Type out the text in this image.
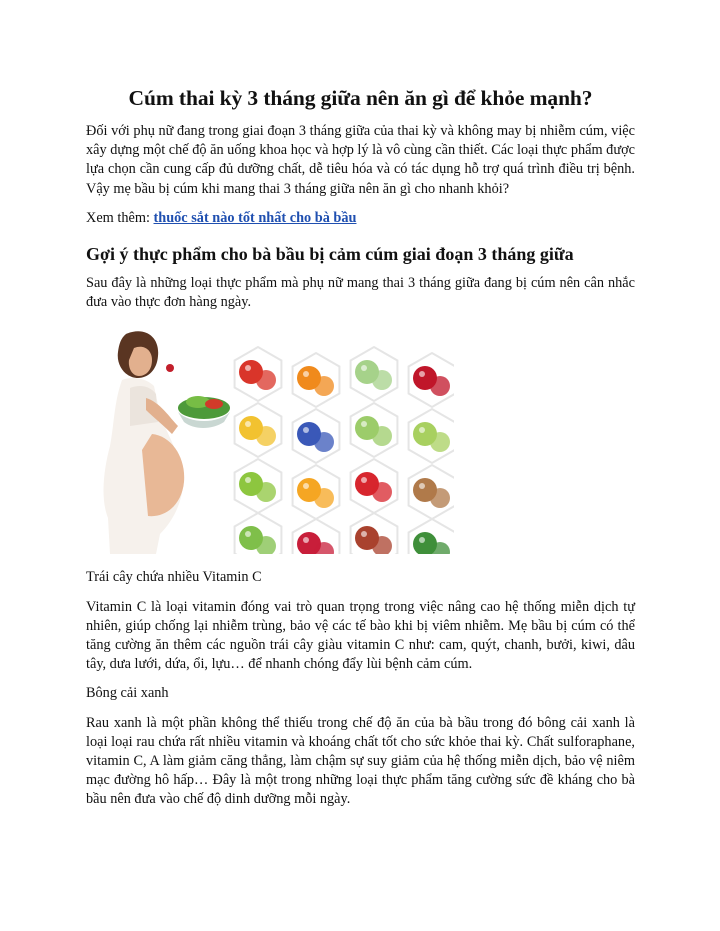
Cúm thai kỳ 3 tháng giữa nên ăn gì để khỏe mạnh?

Đối với phụ nữ đang trong giai đoạn 3 tháng giữa của thai kỳ và không may bị nhiễm cúm, việc xây dựng một chế độ ăn uống khoa học và hợp lý là vô cùng cần thiết. Các loại thực phẩm được lựa chọn cần cung cấp đủ dưỡng chất, dễ tiêu hóa và có tác dụng hỗ trợ quá trình điều trị bệnh. Vậy mẹ bầu bị cúm khi mang thai 3 tháng giữa nên ăn gì cho nhanh khỏi?

Xem thêm: thuốc sắt nào tốt nhất cho bà bầu

Gợi ý thực phẩm cho bà bầu bị cảm cúm giai đoạn 3 tháng giữa

Sau đây là những loại thực phẩm mà phụ nữ mang thai 3 tháng giữa đang bị cúm nên cân nhắc đưa vào thực đơn hàng ngày.

Trái cây chứa nhiều Vitamin C

Vitamin C là loại vitamin đóng vai trò quan trọng trong việc nâng cao hệ thống miễn dịch tự nhiên, giúp chống lại nhiễm trùng, bảo vệ các tế bào khi bị viêm nhiễm. Mẹ bầu bị cúm có thể tăng cường ăn thêm các nguồn trái cây giàu vitamin C như: cam, quýt, chanh, bưởi, kiwi, dâu tây, dưa lưới, dứa, ổi, lựu… để nhanh chóng đẩy lùi bệnh cảm cúm.

Bông cải xanh

Rau xanh là một phần không thể thiếu trong chế độ ăn của bà bầu trong đó bông cải xanh là loại loại rau chứa rất nhiều vitamin và khoáng chất tốt cho sức khỏe thai kỳ. Chất sulforaphane, vitamin C, A làm giảm căng thẳng, làm chậm sự suy giảm của hệ thống miễn dịch, bảo vệ niêm mạc đường hô hấp… Đây là một trong những loại thực phẩm tăng cường sức đề kháng cho bà bầu nên đưa vào chế độ dinh dưỡng mỗi ngày.
